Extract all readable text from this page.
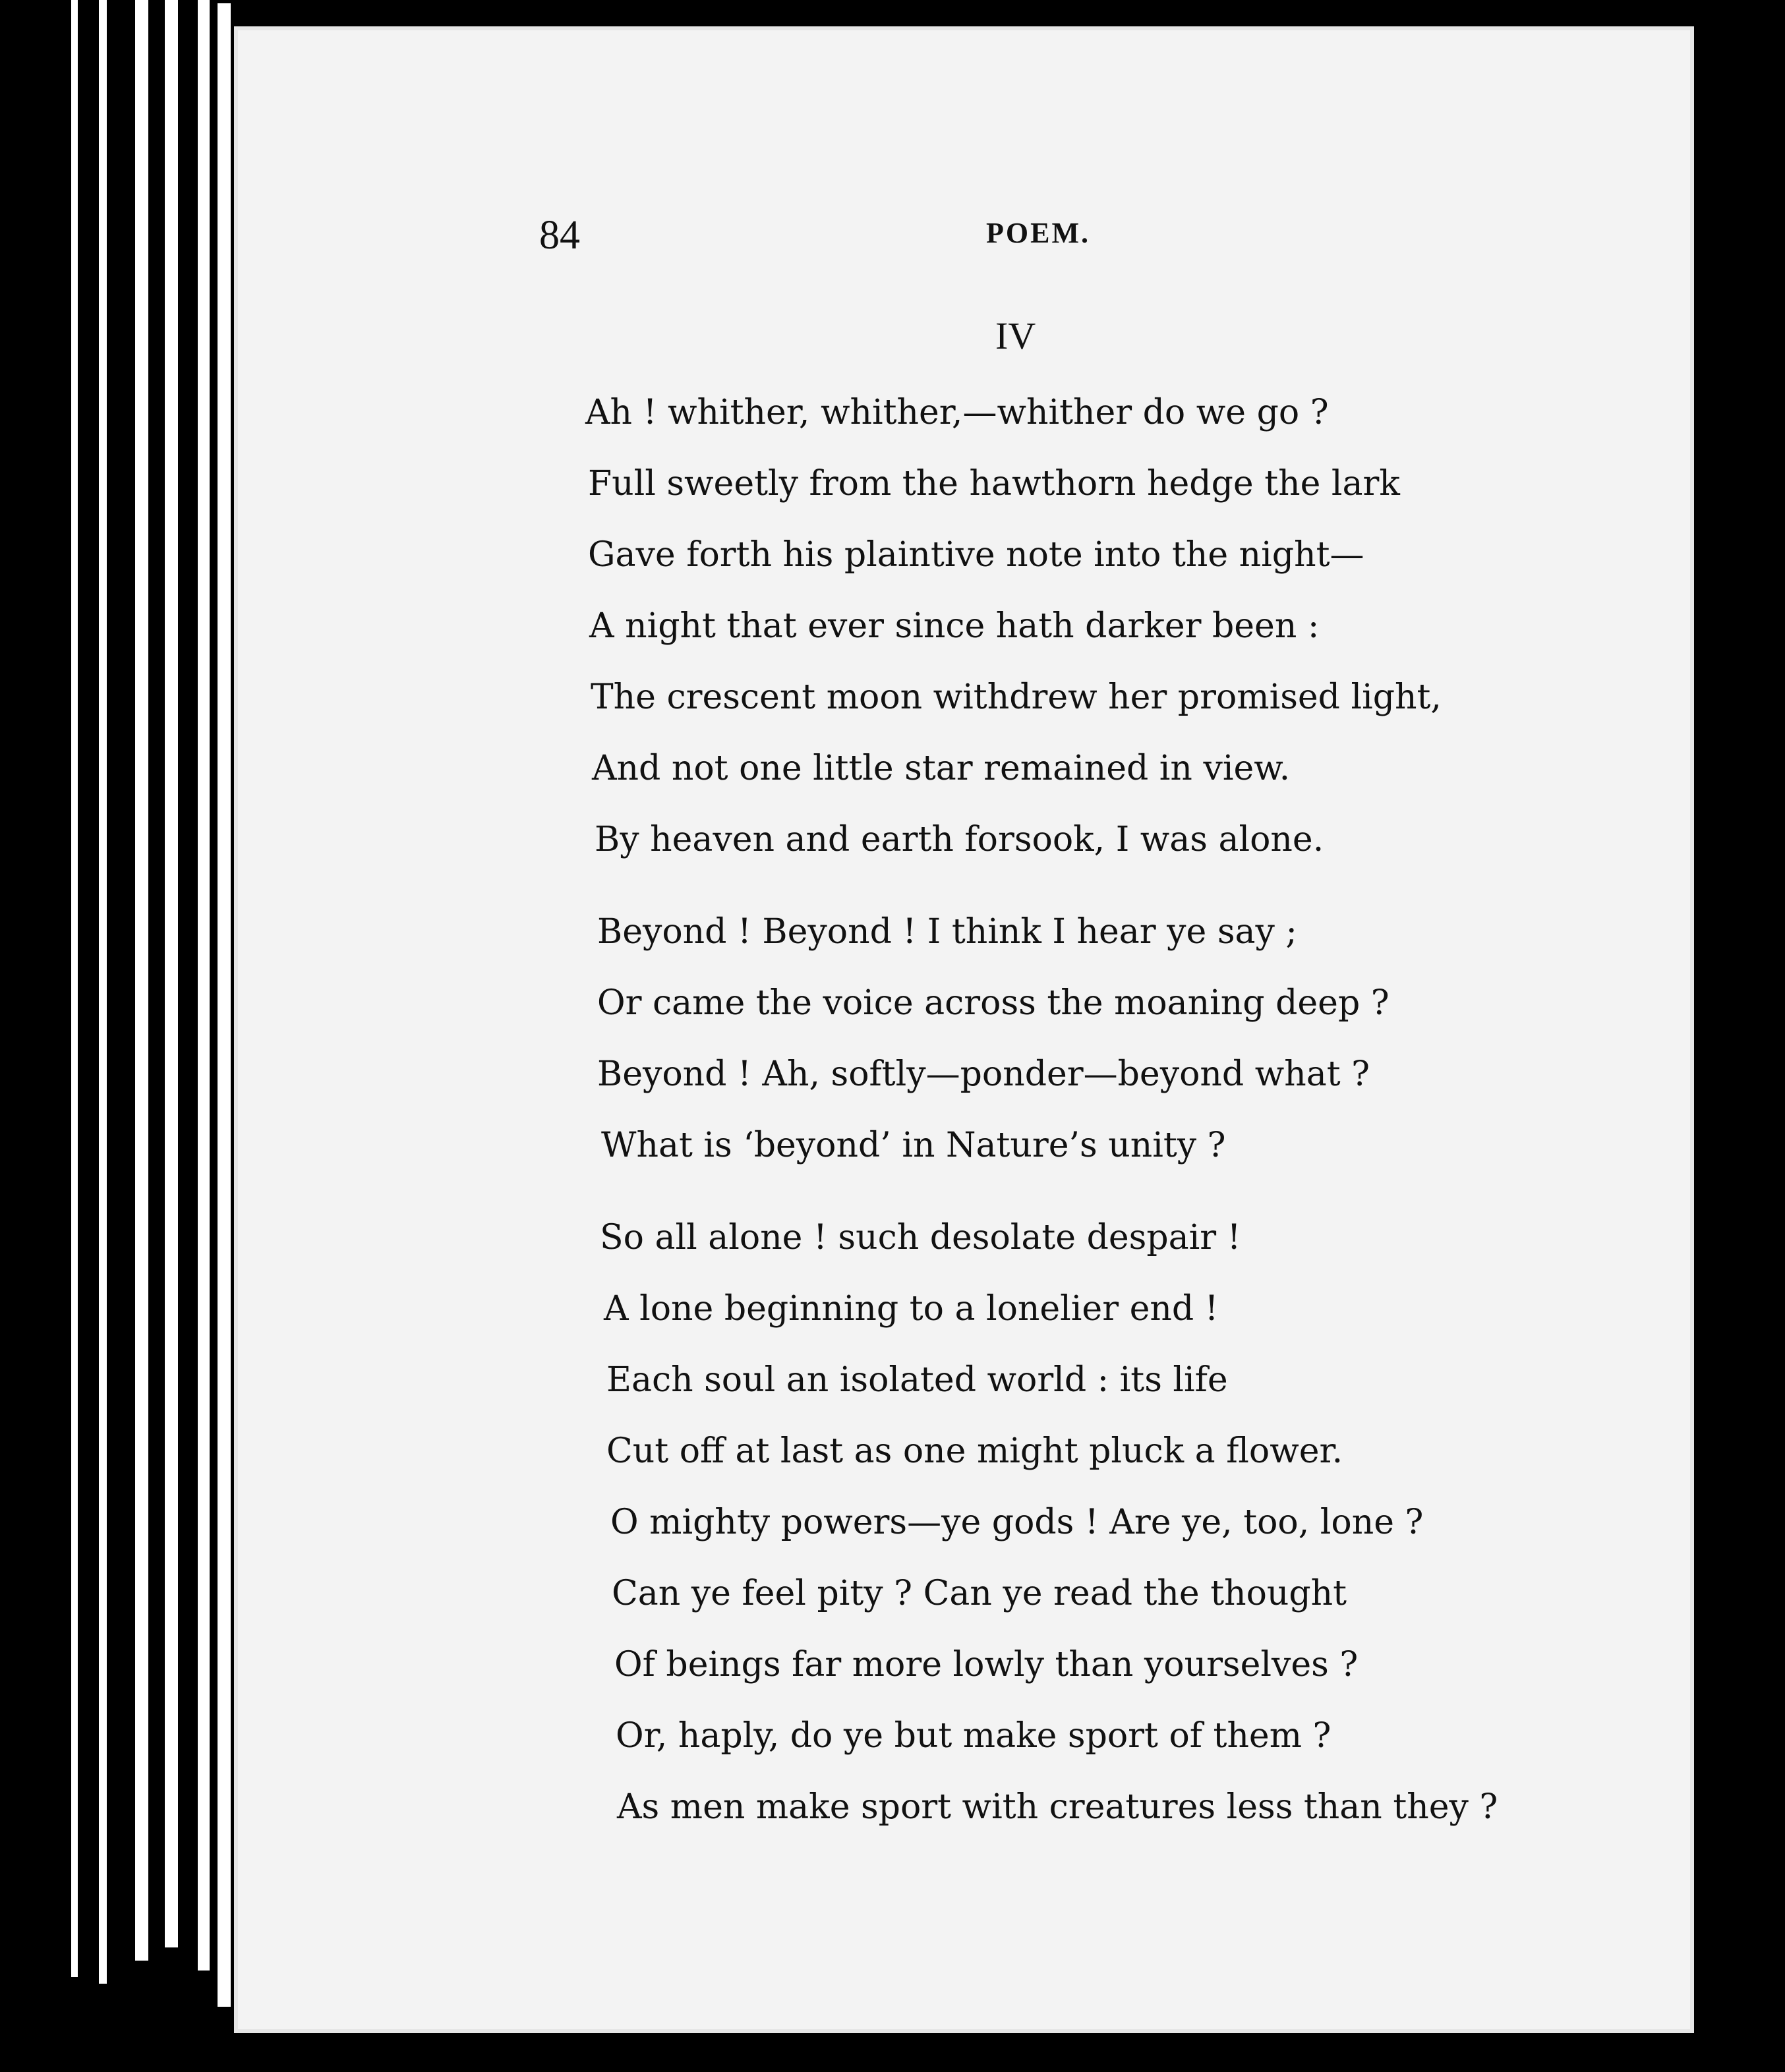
84	POEM.
IV
Ah ! whither, whither,—whither do we go ?
Full sweetly from the hawthorn hedge the lark
Gave forth his plaintive note into the night—
A night that ever since hath darker been :
The crescent moon withdrew her promised light,
And not one little star remained in view.
By heaven and earth forsook, I was alone.
Beyond ! Beyond ! I think I hear ye say ;
Or came the voice across the moaning deep ?
Beyond ! Ah, softly—ponder—beyond what ?
What is ‘beyond’ in Nature’s unity ?
So all alone ! such desolate despair !
A lone beginning to a lonelier end !
Each soul an isolated world : its life
Cut off at last as one might pluck a flower.
O mighty powers—ye gods ! Are ye, too, lone ?
Can ye feel pity ? Can ye read the thought
Of beings far more lowly than yourselves ?
Or, haply, do ye but make sport of them ?
As men make sport with creatures less than they ?
